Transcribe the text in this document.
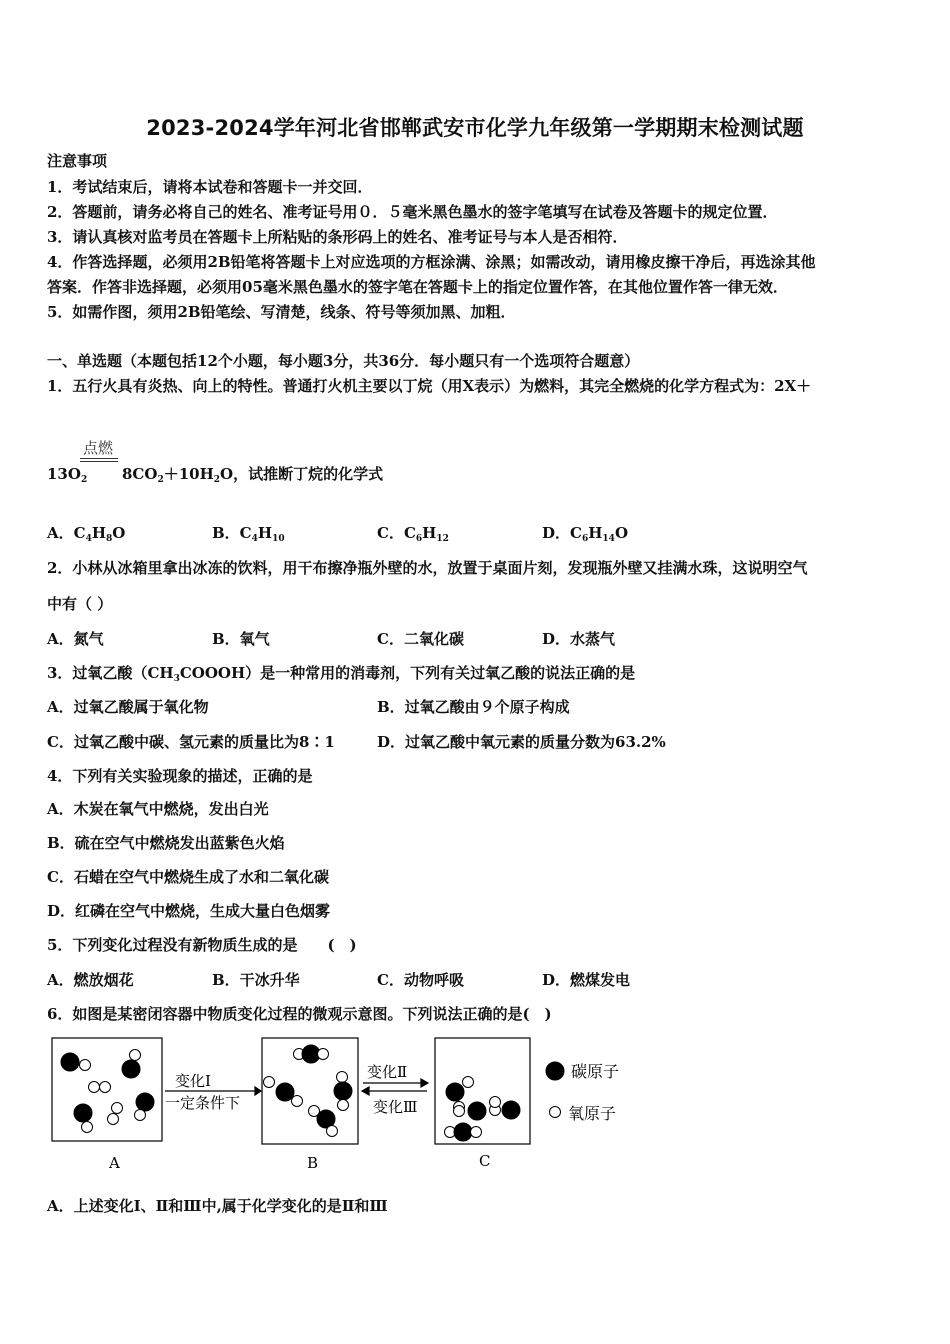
2023-2024学年河北省邯郸武安市化学九年级第一学期期末检测试题
注意事项
1．考试结束后，请将本试卷和答题卡一并交回．
2．答题前，请务必将自己的姓名、准考证号用０．５毫米黑色墨水的签字笔填写在试卷及答题卡的规定位置．
3．请认真核对监考员在答题卡上所粘贴的条形码上的姓名、准考证号与本人是否相符．
4．作答选择题，必须用2B铅笔将答题卡上对应选项的方框涂满、涂黑；如需改动，请用橡皮擦干净后，再选涂其他
答案．作答非选择题，必须用05毫米黑色墨水的签字笔在答题卡上的指定位置作答，在其他位置作答一律无效．
5．如需作图，须用2B铅笔绘、写清楚，线条、符号等须加黑、加粗．
一、单选题（本题包括12个小题，每小题3分，共36分．每小题只有一个选项符合题意）
1．五行火具有炎热、向上的特性。普通打火机主要以丁烷（用X表示）为燃料，其完全燃烧的化学方程式为：2X＋
点燃
$13O_2$ $8CO_2+10H_2O$，试推断丁烷的化学式
A．$C_4H_8O$	B．$C_4H_{10}$	C．$C_6H_{12}$	D．$C_6H_{14}O$
2．小林从冰箱里拿出冰冻的饮料，用干布擦净瓶外壁的水，放置于桌面片刻，发现瓶外壁又挂满水珠，这说明空气
中有（ ）
A．氮气	B．氧气	C．二氧化碳	D．水蒸气
3．过氧乙酸$(CH_3COOOH)$是一种常用的消毒剂，下列有关过氧乙酸的说法正确的是
A．过氧乙酸属于氧化物	B．过氧乙酸由９个原子构成
C．过氧乙酸中碳、氢元素的质量比为8∶1	D．过氧乙酸中氧元素的质量分数为63.2%
4．下列有关实验现象的描述，正确的是
A．木炭在氧气中燃烧，发出白光
B．硫在空气中燃烧发出蓝紫色火焰
C．石蜡在空气中燃烧生成了水和二氧化碳
D．红磷在空气中燃烧，生成大量白色烟雾
5．下列变化过程没有新物质生成的是　　(　)
A．燃放烟花	B．干冰升华	C．动物呼吸	D．燃煤发电
6．如图是某密闭容器中物质变化过程的微观示意图。下列说法正确的是(　)
变化Ⅰ
一定条件下
变化Ⅱ
变化Ⅲ
碳原子
氧原子
A	B	C
A．上述变化Ⅰ、Ⅱ和Ⅲ中,属于化学变化的是Ⅱ和Ⅲ
